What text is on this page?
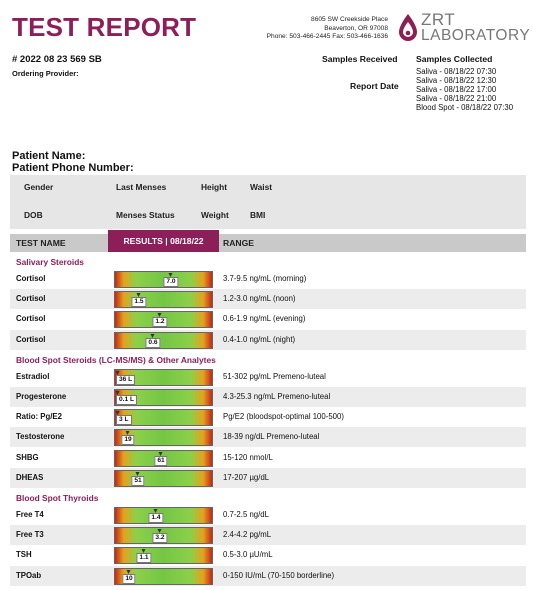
TEST REPORT	8605 SW Creekside Place
Beaverton, OR 97008
Phone: 503-466-2445 Fax: 503-466-1636
ZRT
LABORATORY
# 2022 08 23 569 SB
Ordering Provider:
Samples Received
Report Date
Samples Collected
Saliva - 08/18/22 07:30
Saliva - 08/18/22 12:30
Saliva - 08/18/22 17:00
Saliva - 08/18/22 21:00
Blood Spot - 08/18/22 07:30
Patient Name:
Patient Phone Number:
Gender	Last Menses	Height	Waist
DOB	Menses Status	Weight	BMI
TEST NAME	RANGE
RESULTS | 08/18/22
Salivary Steroids
Cortisol	7.0	3.7-9.5 ng/mL (morning)
Cortisol	1.5	1.2-3.0 ng/mL (noon)
Cortisol	1.2	0.6-1.9 ng/mL (evening)
Cortisol	0.6	0.4-1.0 ng/mL (night)
Blood Spot Steroids (LC-MS/MS) & Other Analytes
Estradiol	36 L	51-302 pg/mL Premeno-luteal
Progesterone	0.1 L	4.3-25.3 ng/mL Premeno-luteal
Ratio: Pg/E2	3 L	Pg/E2 (bloodspot-optimal 100-500)
Testosterone	19	18-39 ng/dL Premeno-luteal
SHBG	61	15-120 nmol/L
DHEAS	51	17-207 µg/dL
Blood Spot Thyroids
Free T4	1.4	0.7-2.5 ng/dL
Free T3	3.2	2.4-4.2 pg/mL
TSH	1.1	0.5-3.0 µU/mL
TPOab	10	0-150 IU/mL (70-150 borderline)
